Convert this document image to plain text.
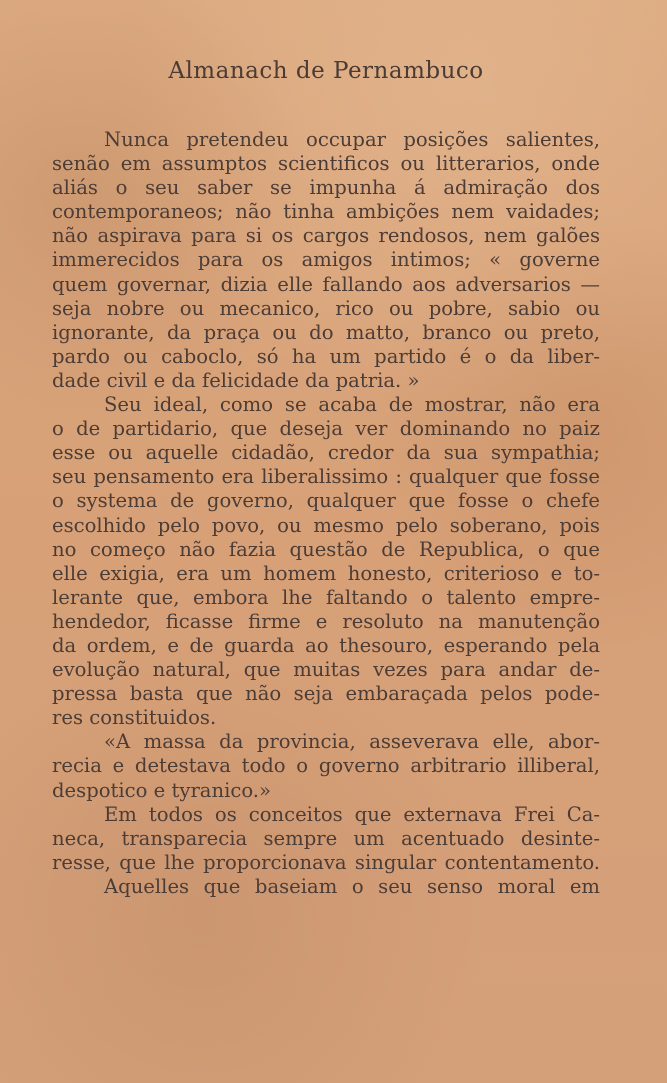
Almanach de Pernambuco
Nunca pretendeu occupar posições salientes,
senão em assumptos scientificos ou litterarios, onde
aliás o seu saber se impunha á admiração dos
contemporaneos; não tinha ambições nem vaidades;
não aspirava para si os cargos rendosos, nem galões
immerecidos para os amigos intimos; « governe
quem governar, dizia elle fallando aos adversarios —
seja nobre ou mecanico, rico ou pobre, sabio ou
ignorante, da praça ou do matto, branco ou preto,
pardo ou caboclo, só ha um partido é o da liber-
dade civil e da felicidade da patria. »
Seu ideal, como se acaba de mostrar, não era
o de partidario, que deseja ver dominando no paiz
esse ou aquelle cidadão, credor da sua sympathia;
seu pensamento era liberalissimo : qualquer que fosse
o systema de governo, qualquer que fosse o chefe
escolhido pelo povo, ou mesmo pelo soberano, pois
no começo não fazia questão de Republica, o que
elle exigia, era um homem honesto, criterioso e to-
lerante que, embora lhe faltando o talento empre-
hendedor, ficasse firme e resoluto na manutenção
da ordem, e de guarda ao thesouro, esperando pela
evolução natural, que muitas vezes para andar de-
pressa basta que não seja embaraçada pelos pode-
res constituidos.
«A massa da provincia, asseverava elle, abor-
recia e detestava todo o governo arbitrario illiberal,
despotico e tyranico.»
Em todos os conceitos que externava Frei Ca-
neca, transparecia sempre um acentuado desinte-
resse, que lhe proporcionava singular contentamento.
Aquelles que baseiam o seu senso moral em
